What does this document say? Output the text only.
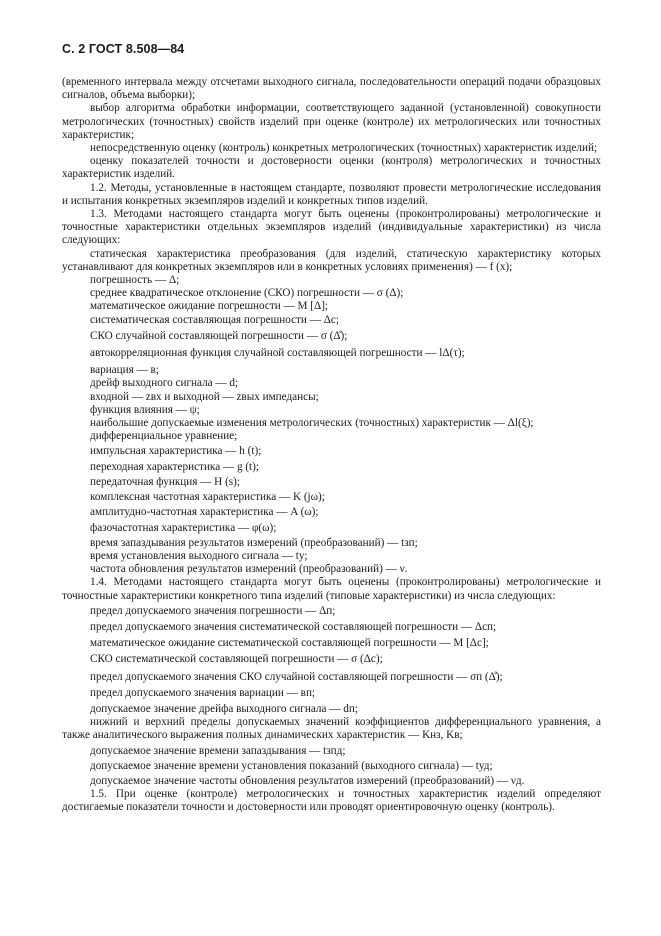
С. 2 ГОСТ 8.508—84

(временного интервала между отсчетами выходного сигнала, последовательности операций подачи образцовых сигналов, объема выборки);

выбор алгоритма обработки информации, соответствующего заданной (установленной) совокупности метрологических (точностных) свойств изделий при оценке (контроле) их метрологических или точностных характеристик;

непосредственную оценку (контроль) конкретных метрологических (точностных) характеристик изделий;

оценку показателей точности и достоверности оценки (контроля) метрологических и точностных характеристик изделий.

1.2. Методы, установленные в настоящем стандарте, позволяют провести метрологические исследования и испытания конкретных экземпляров изделий и конкретных типов изделий.

1.3. Методами настоящего стандарта могут быть оценены (проконтролированы) метрологические и точностные характеристики отдельных экземпляров изделий (индивидуальные характеристики) из числа следующих:

статическая характеристика преобразования (для изделий, статическую характеристику которых устанавливают для конкретных экземпляров или в конкретных условиях применения) — f (x);

погрешность — Δ;

среднее квадратическое отклонение (СКО) погрешности — σ (Δ);

математическое ожидание погрешности — M [Δ];

систематическая составляющая погрешности — Δс;

СКО случайной составляющей погрешности — σ (Δ̊);

автокорреляционная функция случайной составляющей погрешности — lΔ(τ);

вариация — в;

дрейф выходного сигнала — d;

входной — zвх и выходной — zвых импедансы;

функция влияния — ψ;

наибольшие допускаемые изменения метрологических (точностных) характеристик — Δl(ξ);

дифференциальное уравнение;

импульсная характеристика — h (t);

переходная характеристика — g (t);

передаточная функция — H (s);

комплексная частотная характеристика — K (jω);

амплитудно-частотная характеристика — A (ω);

фазочастотная характеристика — φ(ω);

время запаздывания результатов измерений (преобразований) — tзп;

время установления выходного сигнала — ty;

частота обновления результатов измерений (преобразований) — ν.

1.4. Методами настоящего стандарта могут быть оценены (проконтролированы) метрологические и точностные характеристики конкретного типа изделий (типовые характеристики) из числа следующих:

предел допускаемого значения погрешности — Δп;

предел допускаемого значения систематической составляющей погрешности — Δсп;

математическое ожидание систематической составляющей погрешности — M [Δс];

СКО систематической составляющей погрешности — σ (Δс);

предел допускаемого значения СКО случайной составляющей погрешности — σп (Δ̊);

предел допускаемого значения вариации — вп;

допускаемое значение дрейфа выходного сигнала — dп;

нижний и верхний пределы допускаемых значений коэффициентов дифференциального уравнения, а также аналитического выражения полных динамических характеристик — Kнз, Kв;

допускаемое значение времени запаздывания — tзпд;

допускаемое значение времени установления показаний (выходного сигнала) — tуд;

допускаемое значение частоты обновления результатов измерений (преобразований) — νд.

1.5. При оценке (контроле) метрологических и точностных характеристик изделий определяют достигаемые показатели точности и достоверности или проводят ориентировочную оценку (контроль).
